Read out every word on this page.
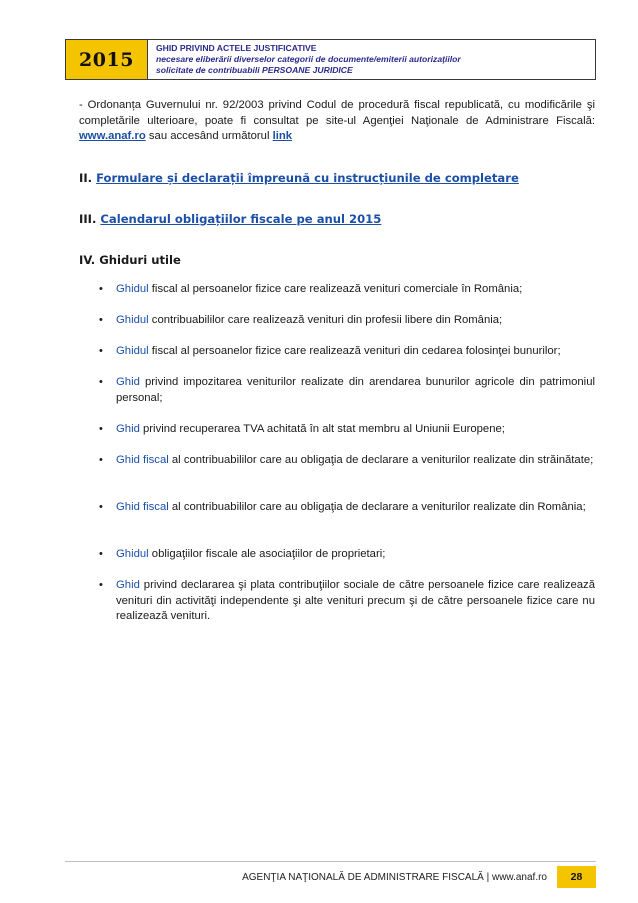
2015
GHID PRIVIND ACTELE JUSTIFICATIVE
necesare eliberării diverselor categorii de documente/emiterii autorizaţiilor
solicitate de contribuabili PERSOANE JURIDICE
- Ordonanța Guvernului nr. 92/2003 privind Codul de procedură fiscal republicată, cu modificările şi completările ulterioare, poate fi consultat pe site-ul Agenţiei Naţionale de Administrare Fiscală: www.anaf.ro sau accesând următorul link
II. Formulare și declarații împreună cu instrucțiunile de completare
III. Calendarul obligațiilor fiscale pe anul 2015
IV. Ghiduri utile
•	Ghidul fiscal al persoanelor fizice care realizează venituri comerciale în România;
•	Ghidul contribuabililor care realizează venituri din profesii libere din România;
•	Ghidul fiscal al persoanelor fizice care realizează venituri din cedarea folosinţei bunurilor;
•	Ghid privind impozitarea veniturilor realizate din arendarea bunurilor agricole din patrimoniul personal;
•	Ghid privind recuperarea TVA achitată în alt stat membru al Uniunii Europene;
•	Ghid fiscal al contribuabililor care au obligaţia de declarare a veniturilor realizate din străinătate;
•	Ghid fiscal al contribuabililor care au obligaţia de declarare a veniturilor realizate din România;
•	Ghidul obligaţiilor fiscale ale asociaţiilor de proprietari;
•	Ghid privind declararea şi plata contribuţiilor sociale de către persoanele fizice care realizează venituri din activităţi independente şi alte venituri precum şi de către persoanele fizice care nu realizează venituri.
AGENŢIA NAŢIONALĂ DE ADMINISTRARE FISCALĂ | www.anaf.ro	28
